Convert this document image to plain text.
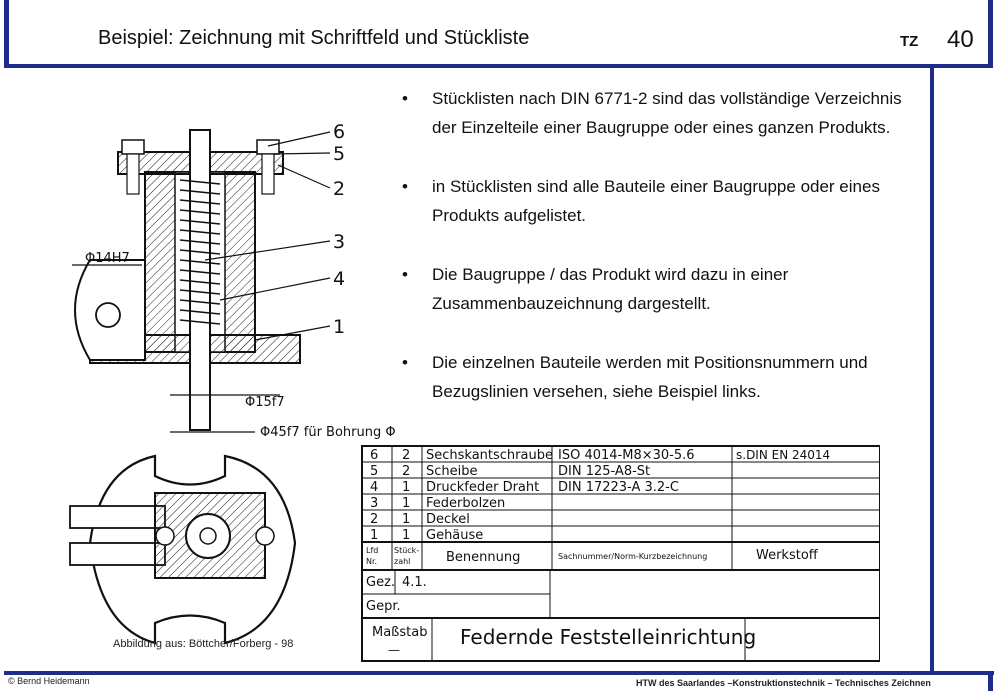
Beispiel: Zeichnung mit Schriftfeld und Stückliste	TZ 40
• Stücklisten nach DIN 6771-2 sind das vollständige Verzeichnis der Einzelteile einer Baugruppe oder eines ganzen Produkts.
• in Stücklisten sind alle Bauteile einer Baugruppe oder eines Produkts aufgelistet.
• Die Baugruppe / das Produkt wird dazu in einer Zusammenbauzeichnung dargestellt.
• Die einzelnen Bauteile werden mit Positionsnummern und Bezugslinien versehen, siehe Beispiel links.
6
5
2
3
4
1
Φ14H7
Φ15f7
Φ45f7 für Bohrung Φ
6 2 Sechskantschraube ISO 4014-M8×30-5.6	s.DIN EN 24014
5 2 Scheibe	DIN 125-A8-St
4 1 Druckfeder Draht DIN 17223-A 3.2-C
3 1 Federbolzen
2 1 Deckel
1 1 Gehäuse
Lfd
Nr.
Stück-
zahl	Benennung	Sachnummer/Norm-Kurzbezeichnung	Werkstoff
Gez. 4.1.
Gepr.
Maßstab
—
Federnde Feststelleinrichtung
Abbildung aus: Böttcher/Forberg - 98
© Bernd Heidemann	HTW des Saarlandes –Konstruktionstechnik – Technisches Zeichnen
